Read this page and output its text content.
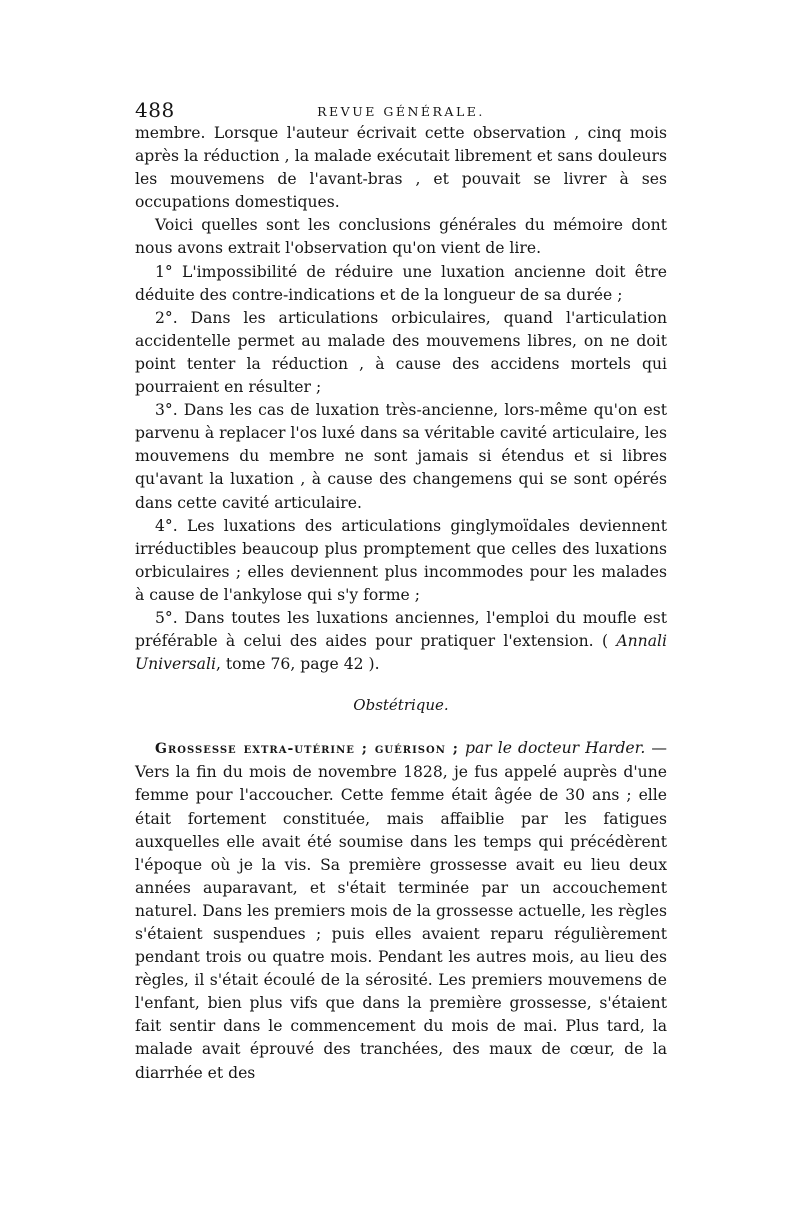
488	REVUE GÉNÉRALE.

membre. Lorsque l'auteur écrivait cette observation , cinq mois après la réduction , la malade exécutait librement et sans douleurs les mouvemens de l'avant-bras , et pouvait se livrer à ses occupations domestiques.

Voici quelles sont les conclusions générales du mémoire dont nous avons extrait l'observation qu'on vient de lire.

1° L'impossibilité de réduire une luxation ancienne doit être déduite des contre-indications et de la longueur de sa durée ;

2°. Dans les articulations orbiculaires, quand l'articulation accidentelle permet au malade des mouvemens libres, on ne doit point tenter la réduction , à cause des accidens mortels qui pourraient en résulter ;

3°. Dans les cas de luxation très-ancienne, lors-même qu'on est parvenu à replacer l'os luxé dans sa véritable cavité articulaire, les mouvemens du membre ne sont jamais si étendus et si libres qu'avant la luxation , à cause des changemens qui se sont opérés dans cette cavité articulaire.

4°. Les luxations des articulations ginglymoïdales deviennent irréductibles beaucoup plus promptement que celles des luxations orbiculaires ; elles deviennent plus incommodes pour les malades à cause de l'ankylose qui s'y forme ;

5°. Dans toutes les luxations anciennes, l'emploi du moufle est préférable à celui des aides pour pratiquer l'extension. ( Annali Universali, tome 76, page 42 ).

Obstétrique.

Grossesse extra-utérine ; guérison ; par le docteur Harder. — Vers la fin du mois de novembre 1828, je fus appelé auprès d'une femme pour l'accoucher. Cette femme était âgée de 30 ans ; elle était fortement constituée, mais affaiblie par les fatigues auxquelles elle avait été soumise dans les temps qui précédèrent l'époque où je la vis. Sa première grossesse avait eu lieu deux années auparavant, et s'était terminée par un accouchement naturel. Dans les premiers mois de la grossesse actuelle, les règles s'étaient suspendues ; puis elles avaient reparu régulièrement pendant trois ou quatre mois. Pendant les autres mois, au lieu des règles, il s'était écoulé de la sérosité. Les premiers mouvemens de l'enfant, bien plus vifs que dans la première grossesse, s'étaient fait sentir dans le commencement du mois de mai. Plus tard, la malade avait éprouvé des tranchées, des maux de cœur, de la diarrhée et des
